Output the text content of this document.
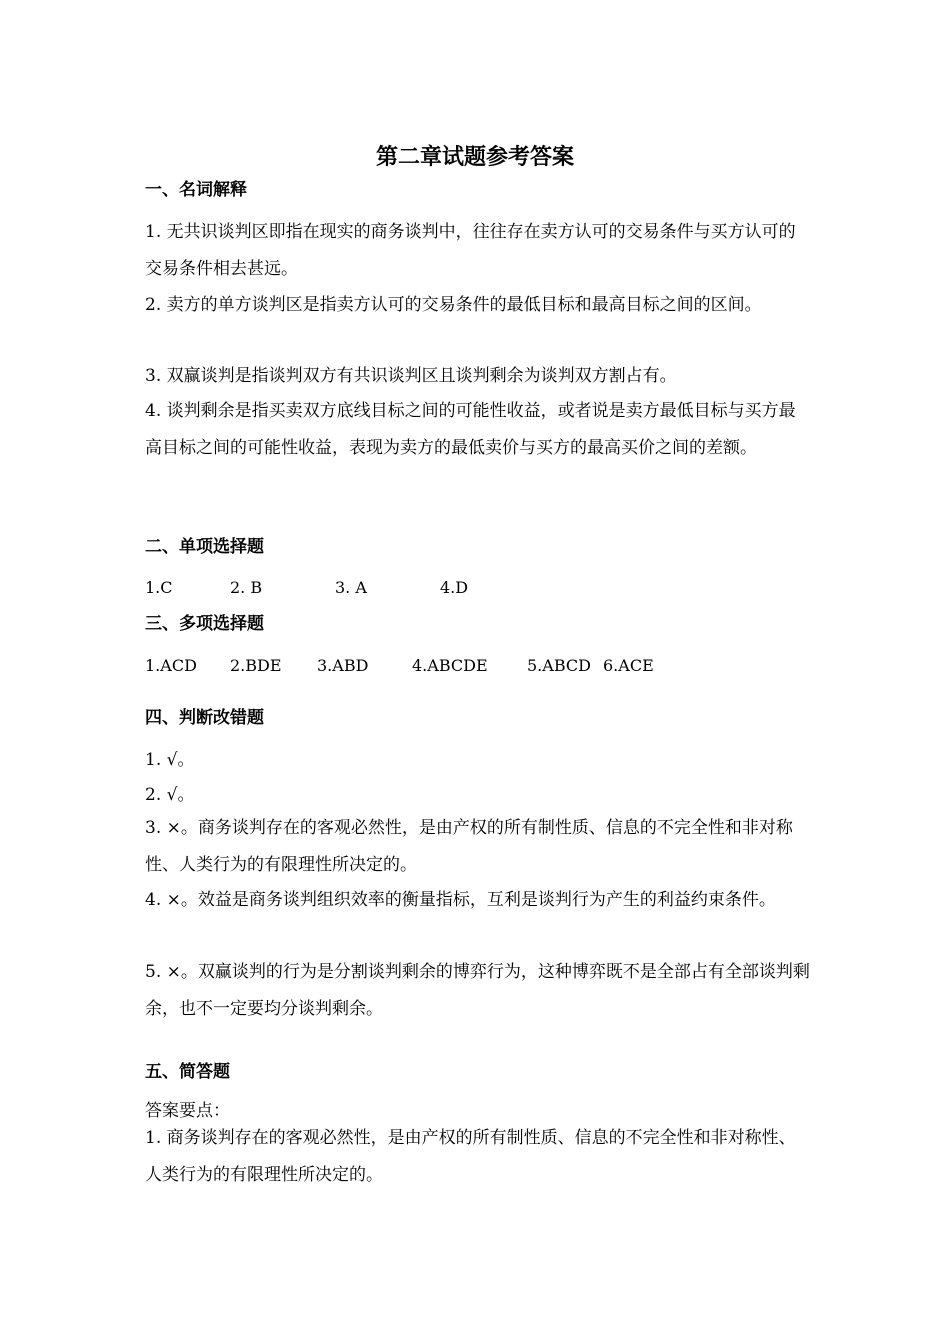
第二章试题参考答案
一、名词解释
1. 无共识谈判区即指在现实的商务谈判中，往往存在卖方认可的交易条件与买方认可的交易条件相去甚远。
2. 卖方的单方谈判区是指卖方认可的交易条件的最低目标和最高目标之间的区间。
3. 双赢谈判是指谈判双方有共识谈判区且谈判剩余为谈判双方割占有。
4. 谈判剩余是指买卖双方底线目标之间的可能性收益，或者说是卖方最低目标与买方最高目标之间的可能性收益，表现为卖方的最低卖价与买方的最高买价之间的差额。
二、单项选择题
1.C	2. B	3. A	4.D
三、多项选择题
1.ACD 2.BDE 3.ABD	4.ABCDE 5.ABCD 6.ACE
四、判断改错题
1. √。
2. √。
3. ×。商务谈判存在的客观必然性，是由产权的所有制性质、信息的不完全性和非对称性、人类行为的有限理性所决定的。
4. ×。效益是商务谈判组织效率的衡量指标，互利是谈判行为产生的利益约束条件。
5. ×。双赢谈判的行为是分割谈判剩余的博弈行为，这种博弈既不是全部占有全部谈判剩余，也不一定要均分谈判剩余。
五、简答题
答案要点：
1. 商务谈判存在的客观必然性，是由产权的所有制性质、信息的不完全性和非对称性、人类行为的有限理性所决定的。
